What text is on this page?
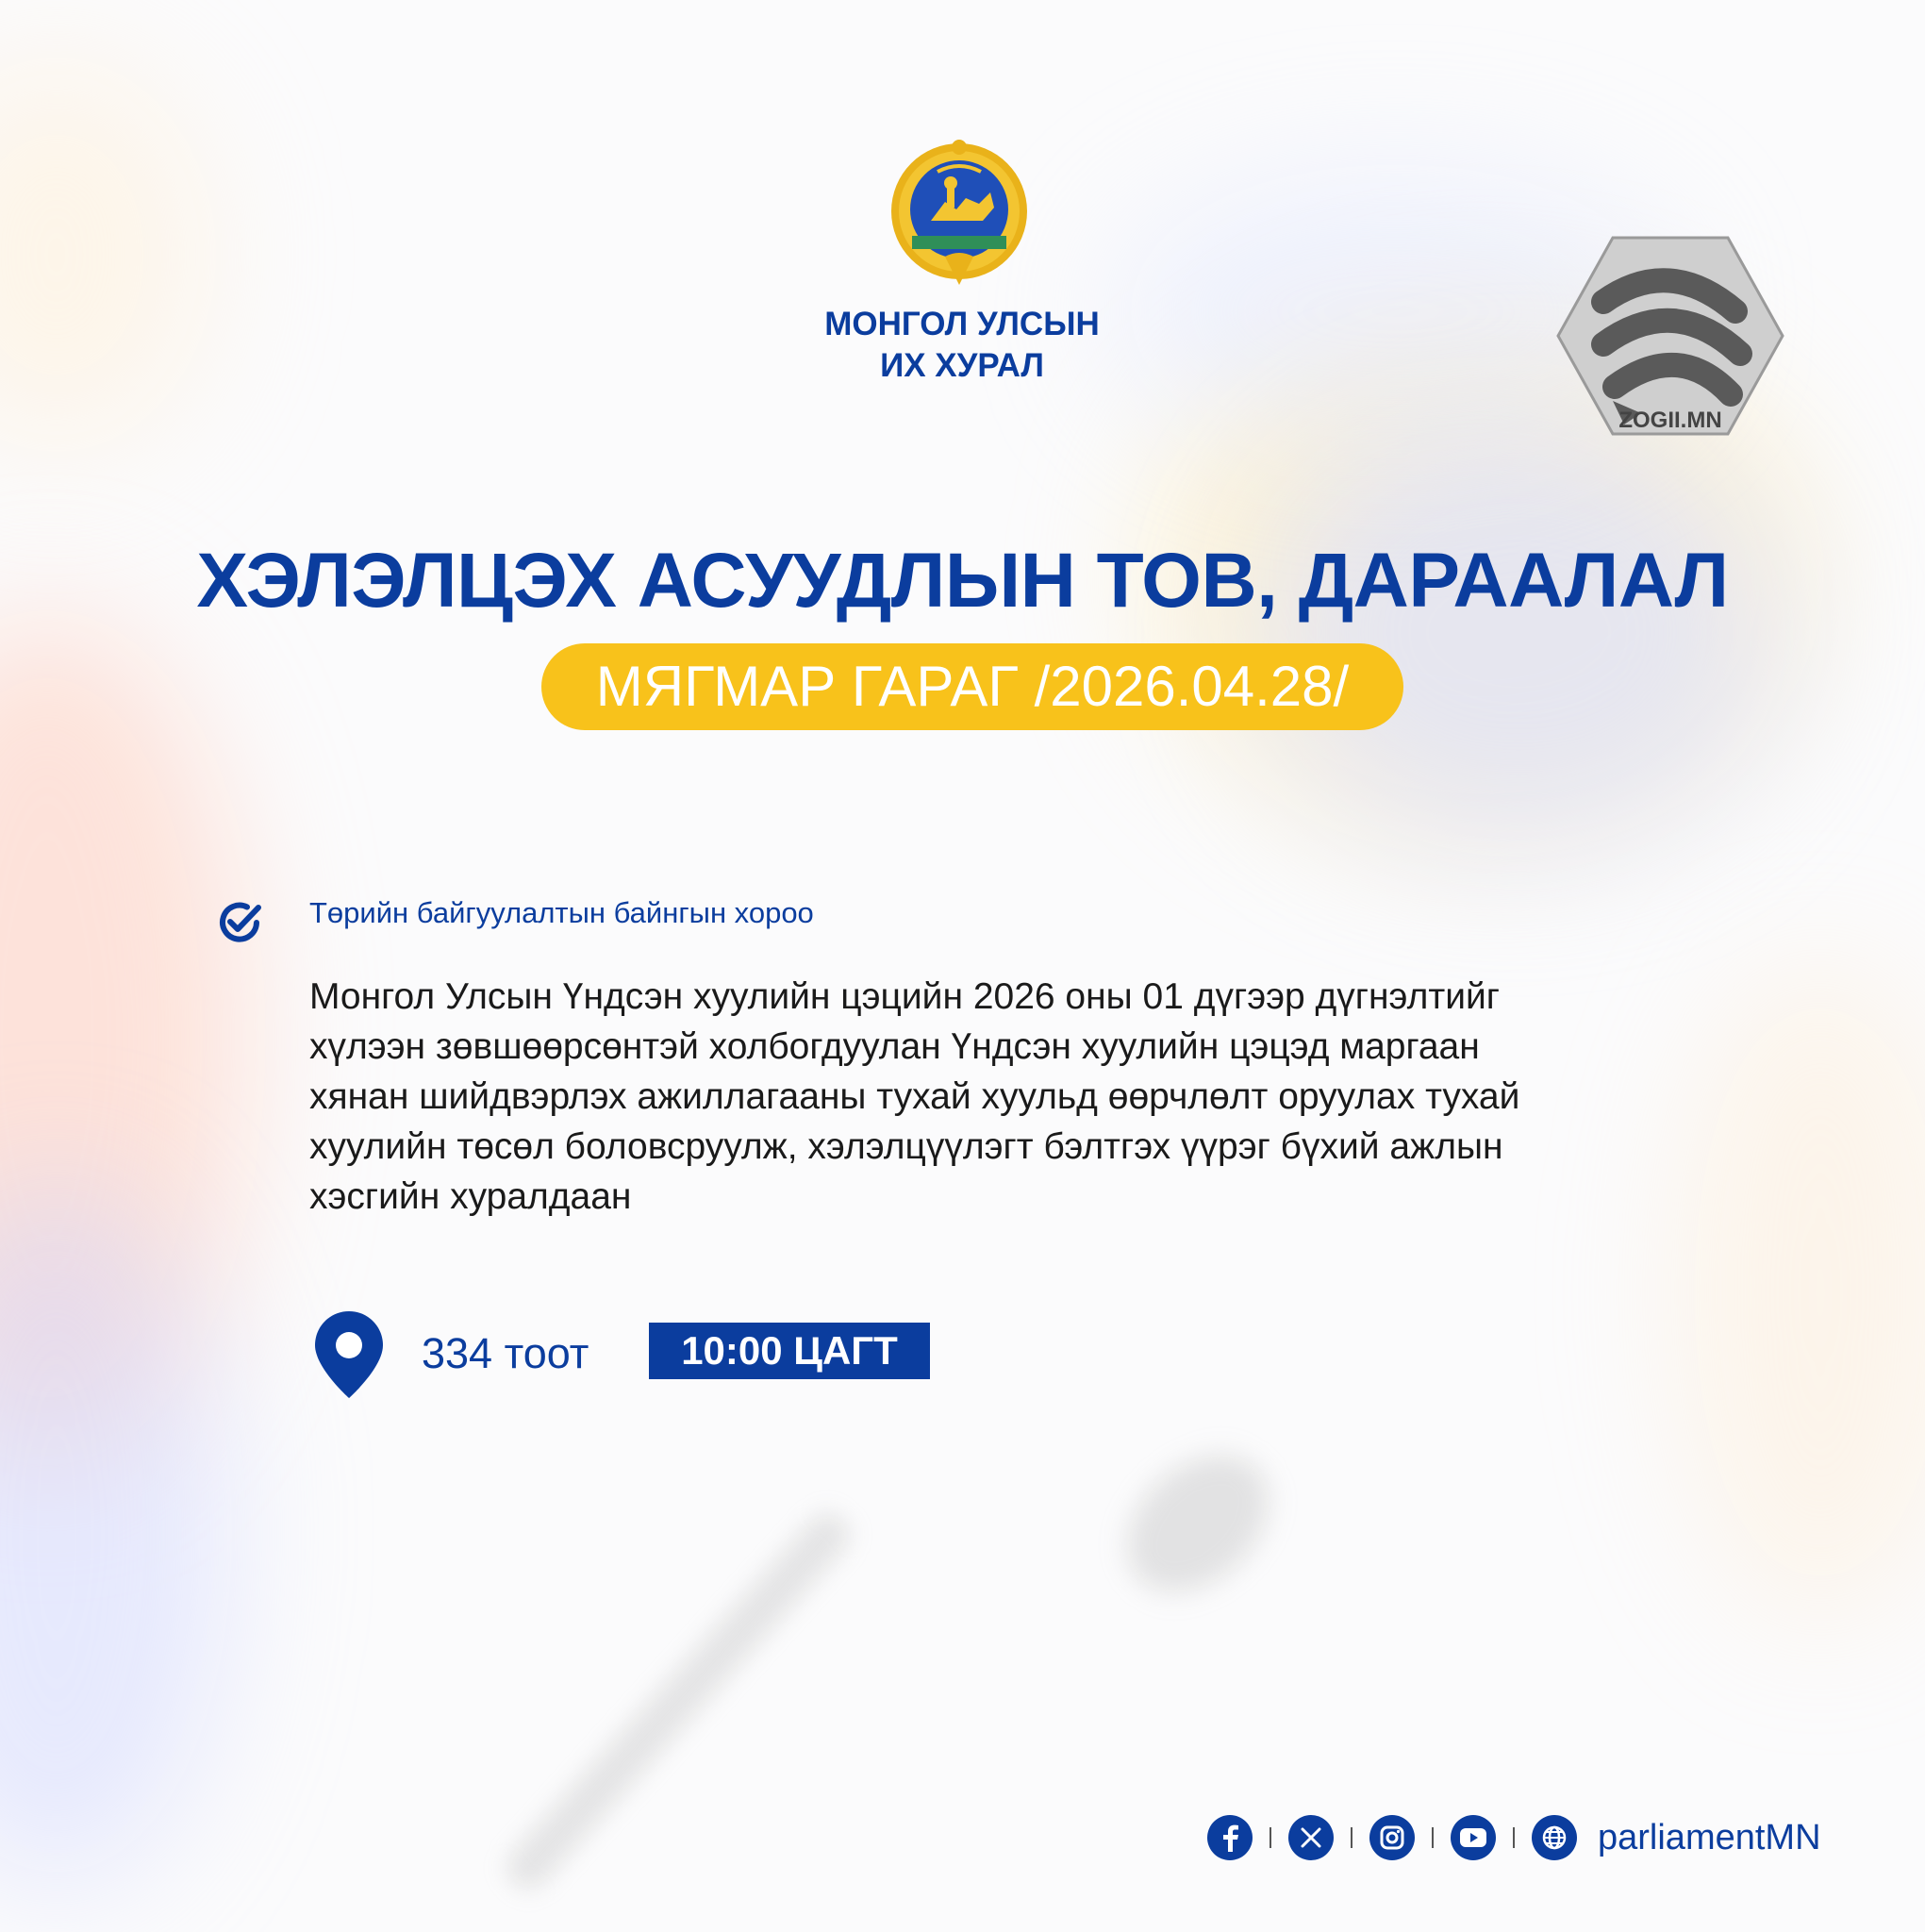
МОНГОЛ УЛСЫН
ИХ ХУРАЛ
ZOGII.MN
ХЭЛЭЛЦЭХ АСУУДЛЫН ТОВ, ДАРААЛАЛ
МЯГМАР ГАРАГ /2026.04.28/
Төрийн байгуулалтын байнгын хороо
Монгол Улсын Үндсэн хуулийн цэцийн 2026 оны 01 дүгээр дүгнэлтийг
хүлээн зөвшөөрсөнтэй холбогдуулан Үндсэн хуулийн цэцэд маргаан
хянан шийдвэрлэх ажиллагааны тухай хуульд өөрчлөлт оруулах тухай
хуулийн төсөл боловсруулж, хэлэлцүүлэгт бэлтгэх үүрэг бүхий ажлын
хэсгийн хуралдаан
334 тоот	10:00 ЦАГТ
parliamentMN
